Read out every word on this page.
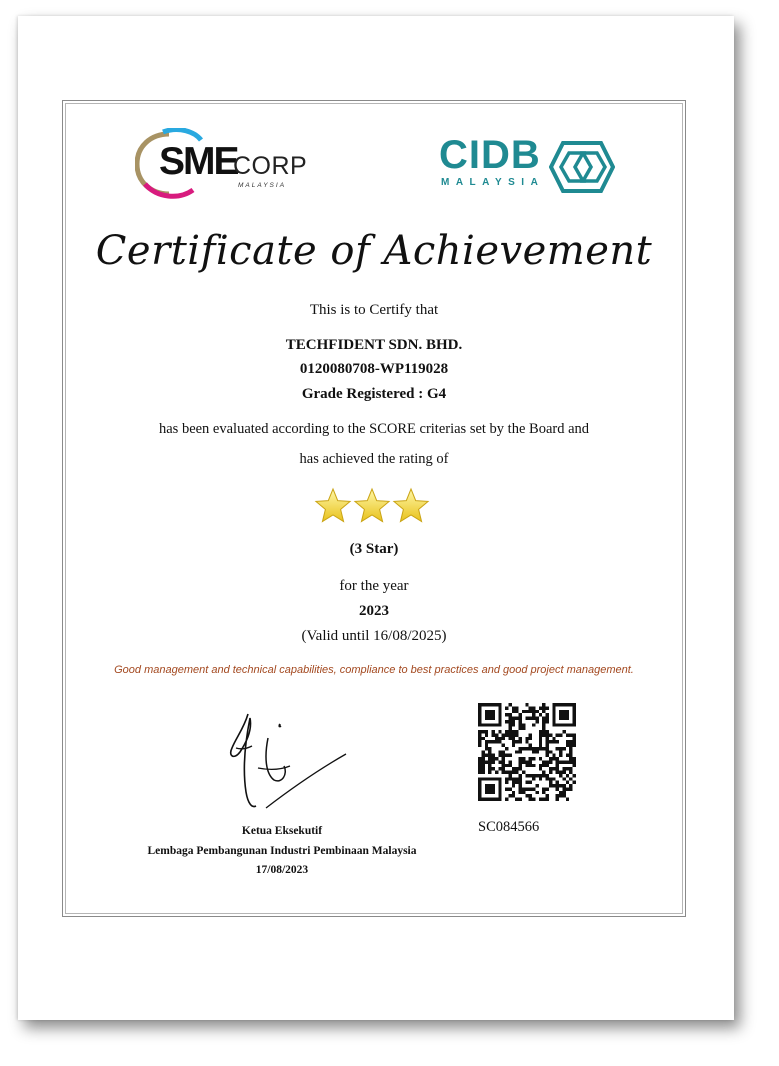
SME
CORP
MALAYSIA
CIDB
MALAYSIA
Certificate of Achievement
This is to Certify that
TECHFIDENT SDN. BHD.
0120080708-WP119028
Grade Registered : G4
has been evaluated according to the SCORE criterias set by the Board and
has achieved the rating of
(3 Star)
for the year
2023
(Valid until 16/08/2025)
Good management and technical capabilities, compliance to best practices and good project management.
Ketua Eksekutif
Lembaga Pembangunan Industri Pembinaan Malaysia
17/08/2023
SC084566
